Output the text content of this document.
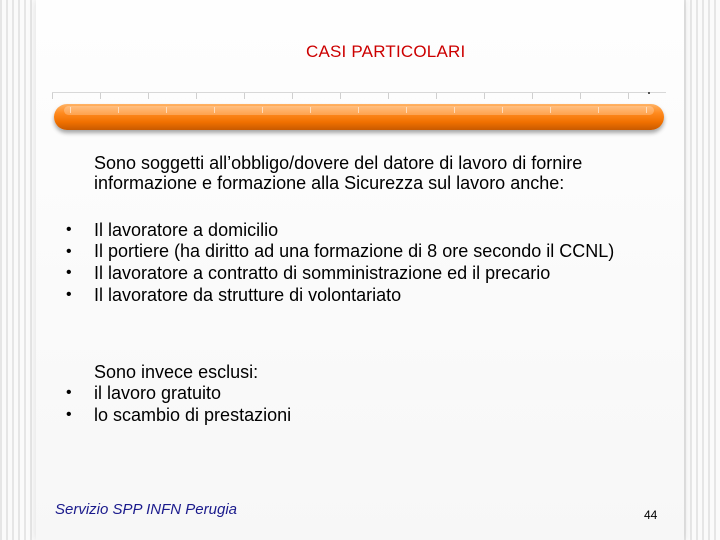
CASI PARTICOLARI
Sono soggetti all’obbligo/dovere del datore di lavoro di fornire informazione e formazione alla Sicurezza sul lavoro anche:
• Il lavoratore a domicilio
• Il portiere (ha diritto ad una formazione di 8 ore secondo il CCNL)
• Il lavoratore a contratto di somministrazione ed il precario
• Il lavoratore da strutture di volontariato
Sono invece esclusi:
• il lavoro gratuito
• lo scambio di prestazioni
Servizio SPP INFN Perugia	44
